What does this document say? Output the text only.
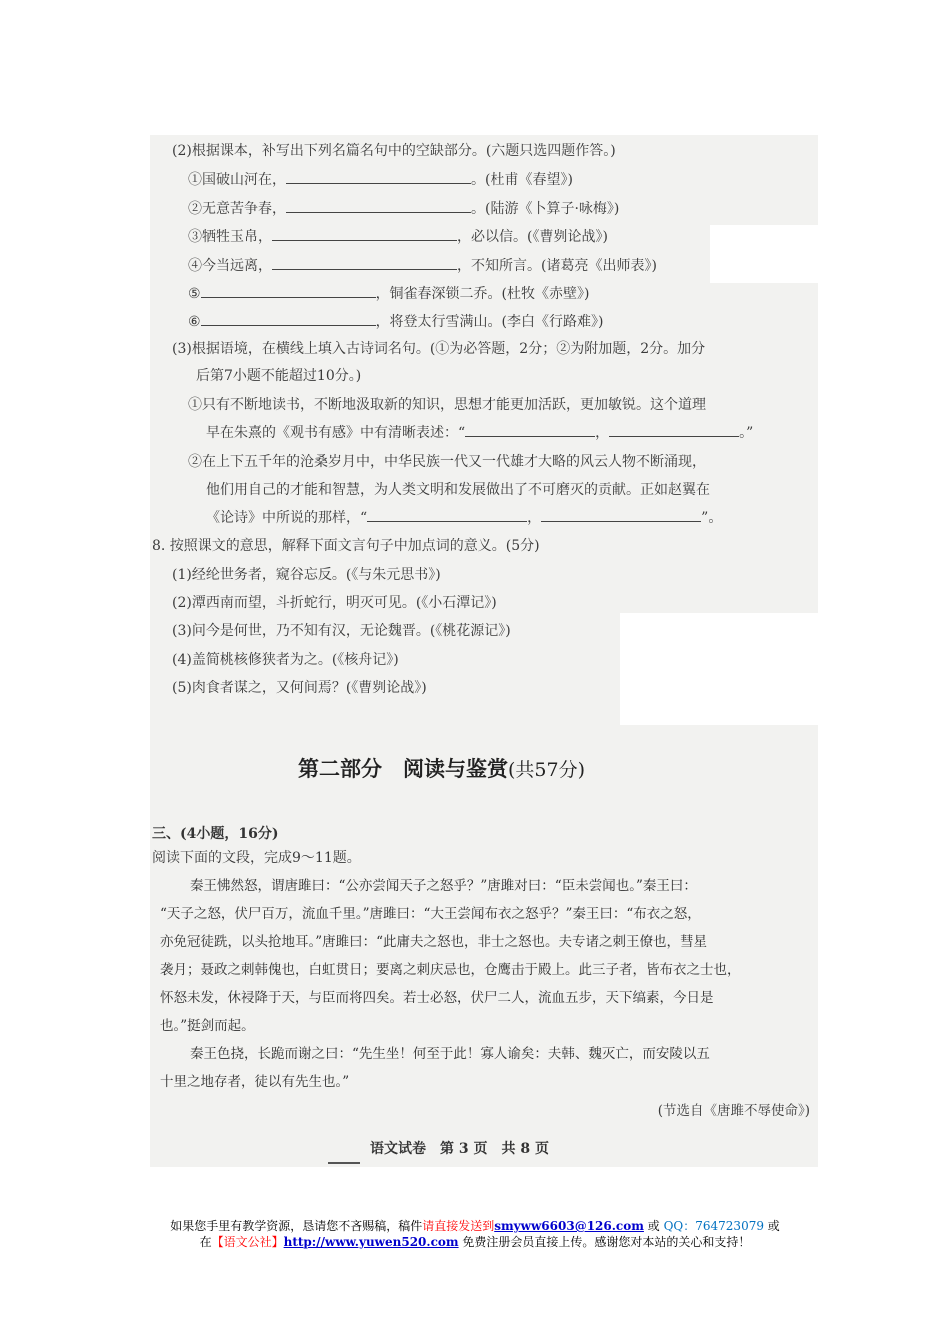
(2)根据课本，补写出下列名篇名句中的空缺部分。(六题只选四题作答。)
①国破山河在，	。(杜甫《春望》)
②无意苦争春，	。(陆游《卜算子·咏梅》)
③牺牲玉帛，	，必以信。(《曹刿论战》)
④今当远离，	，不知所言。(诸葛亮《出师表》)
⑤	，铜雀春深锁二乔。(杜牧《赤壁》)
⑥	，将登太行雪满山。(李白《行路难》)
(3)根据语境，在横线上填入古诗词名句。(①为必答题，2分；②为附加题，2分。加分
后第7小题不能超过10分。)
①只有不断地读书，不断地汲取新的知识，思想才能更加活跃，更加敏锐。这个道理
早在朱熹的《观书有感》中有清晰表述：“	，	。”
②在上下五千年的沧桑岁月中，中华民族一代又一代雄才大略的风云人物不断涌现，
他们用自己的才能和智慧，为人类文明和发展做出了不可磨灭的贡献。正如赵翼在
《论诗》中所说的那样，“	，	”。
8. 按照课文的意思，解释下面文言句子中加点词的意义。(5分)
(1)经纶世务者，窥谷忘反。(《与朱元思书》)
(2)潭西南而望，斗折蛇行，明灭可见。(《小石潭记》)
(3)问今是何世，乃不知有汉，无论魏晋。(《桃花源记》)
(4)盖简桃核修狭者为之。(《核舟记》)
(5)肉食者谋之，又何间焉？(《曹刿论战》)
第二部分　阅读与鉴赏(共57分)
三、(4小题，16分)
阅读下面的文段，完成9～11题。
秦王怫然怒，谓唐雎曰：“公亦尝闻天子之怒乎？”唐雎对曰：“臣未尝闻也。”秦王曰：
“天子之怒，伏尸百万，流血千里。”唐雎曰：“大王尝闻布衣之怒乎？”秦王曰：“布衣之怒，
亦免冠徒跣，以头抢地耳。”唐雎曰：“此庸夫之怒也，非士之怒也。夫专诸之刺王僚也，彗星
袭月；聂政之刺韩傀也，白虹贯日；要离之刺庆忌也，仓鹰击于殿上。此三子者，皆布衣之士也，
怀怒未发，休祲降于天，与臣而将四矣。若士必怒，伏尸二人，流血五步，天下缟素，今日是
也。”挺剑而起。
秦王色挠，长跪而谢之曰：“先生坐！何至于此！寡人谕矣：夫韩、魏灭亡，而安陵以五
十里之地存者，徒以有先生也。”
(节选自《唐雎不辱使命》)
语文试卷　第 3 页　共 8 页
如果您手里有教学资源，恳请您不吝赐稿，稿件请直接发送到smyww6603@126.com 或 QQ：764723079 或
在【语文公社】http://www.yuwen520.com 免费注册会员直接上传。感谢您对本站的关心和支持！
